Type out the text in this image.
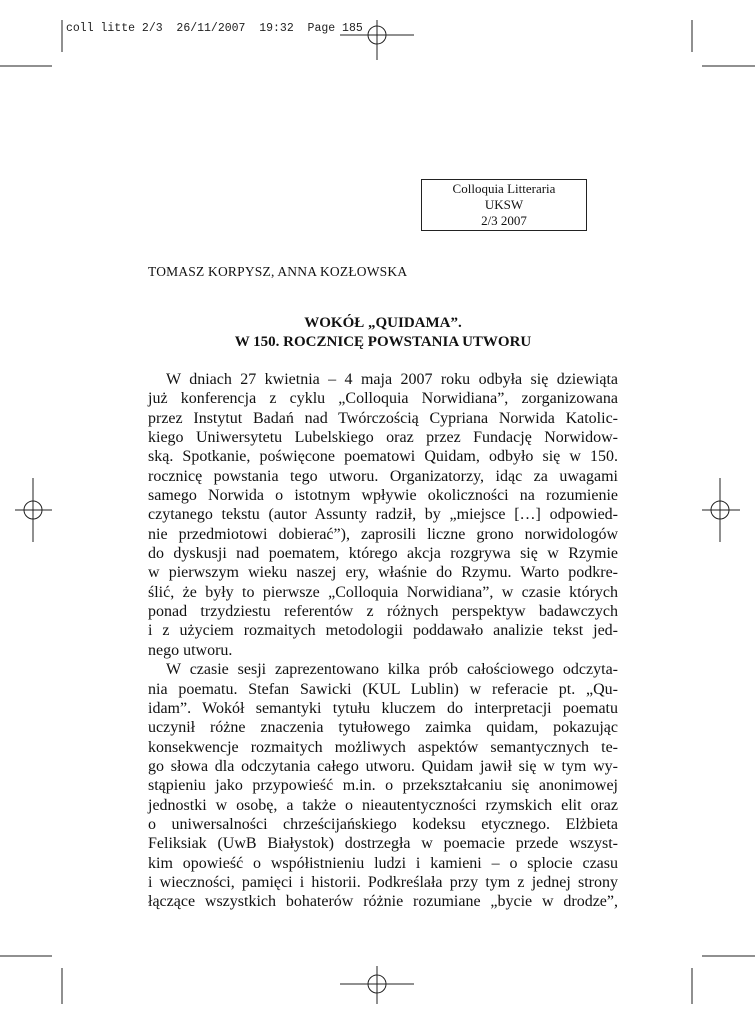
coll litte 2/3  26/11/2007  19:32  Page 185
Colloquia Litteraria
UKSW
2/3 2007
TOMASZ KORPYSZ, ANNA KOZŁOWSKA
WOKÓŁ „QUIDAMA”.
W 150. ROCZNICĘ POWSTANIA UTWORU
W dniach 27 kwietnia – 4 maja 2007 roku odbyła się dziewiąta
już konferencja z cyklu „Colloquia Norwidiana”, zorganizowana
przez Instytut Badań nad Twórczością Cypriana Norwida Katolic-
kiego Uniwersytetu Lubelskiego oraz przez Fundację Norwidow-
ską. Spotkanie, poświęcone poematowi Quidam, odbyło się w 150.
rocznicę powstania tego utworu. Organizatorzy, idąc za uwagami
samego Norwida o istotnym wpływie okoliczności na rozumienie
czytanego tekstu (autor Assunty radził, by „miejsce […] odpowied-
nie przedmiotowi dobierać”), zaprosili liczne grono norwidologów
do dyskusji nad poematem, którego akcja rozgrywa się w Rzymie
w pierwszym wieku naszej ery, właśnie do Rzymu. Warto podkre-
ślić, że były to pierwsze „Colloquia Norwidiana”, w czasie których
ponad trzydziestu referentów z różnych perspektyw badawczych
i z użyciem rozmaitych metodologii poddawało analizie tekst jed-
nego utworu.
W czasie sesji zaprezentowano kilka prób całościowego odczyta-
nia poematu. Stefan Sawicki (KUL Lublin) w referacie pt. „Qu-
idam”. Wokół semantyki tytułu kluczem do interpretacji poematu
uczynił różne znaczenia tytułowego zaimka quidam, pokazując
konsekwencje rozmaitych możliwych aspektów semantycznych te-
go słowa dla odczytania całego utworu. Quidam jawił się w tym wy-
stąpieniu jako przypowieść m.in. o przekształcaniu się anonimowej
jednostki w osobę, a także o nieautentyczności rzymskich elit oraz
o uniwersalności chrześcijańskiego kodeksu etycznego. Elżbieta
Feliksiak (UwB Białystok) dostrzegła w poemacie przede wszyst-
kim opowieść o współistnieniu ludzi i kamieni – o splocie czasu
i wieczności, pamięci i historii. Podkreślała przy tym z jednej strony
łączące wszystkich bohaterów różnie rozumiane „bycie w drodze”,
